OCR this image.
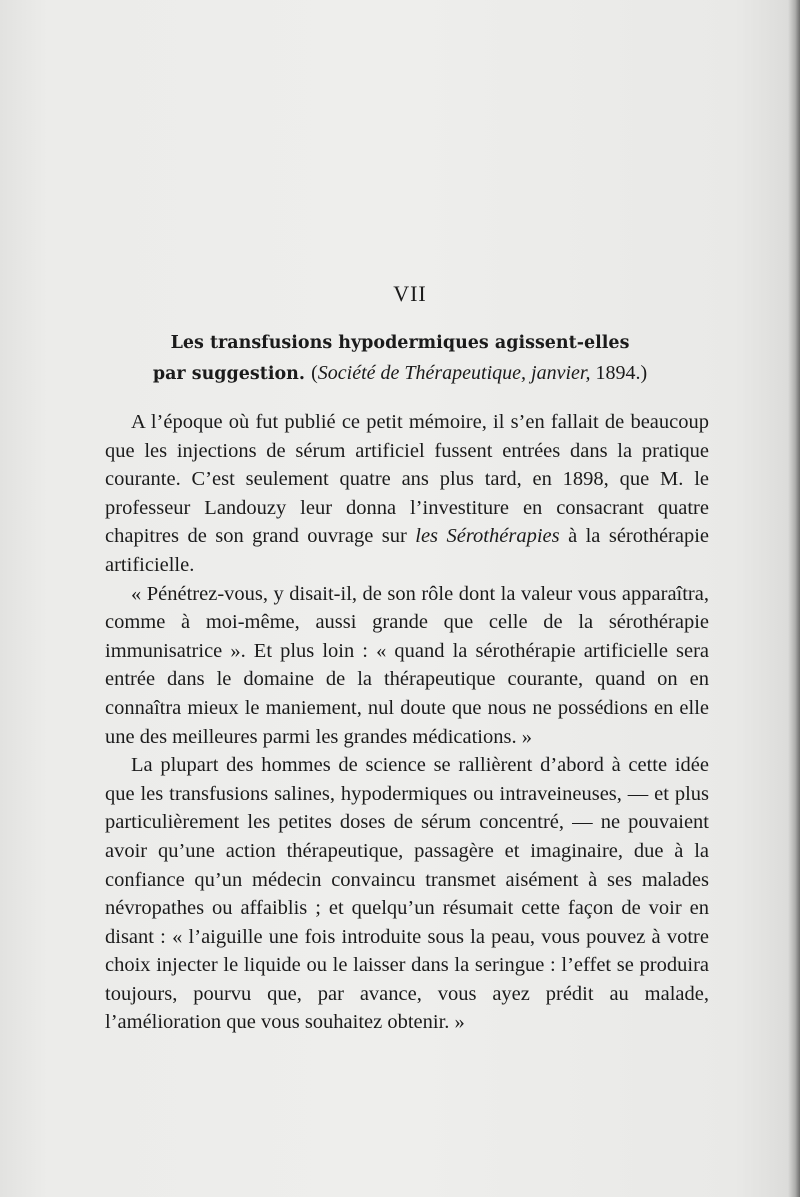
VII
Les transfusions hypodermiques agissent-elles
par suggestion. (Société de Thérapeutique, janvier, 1894.)

A l’époque où fut publié ce petit mémoire, il s’en fallait de beaucoup que les injections de sérum artificiel fussent entrées dans la pratique courante. C’est seulement quatre ans plus tard, en 1898, que M. le professeur Landouzy leur donna l’investiture en consacrant quatre chapitres de son grand ouvrage sur les Sérothérapies à la sérothérapie artificielle.

« Pénétrez-vous, y disait-il, de son rôle dont la valeur vous apparaîtra, comme à moi-même, aussi grande que celle de la sérothérapie immunisatrice ». Et plus loin : « quand la sérothérapie artificielle sera entrée dans le domaine de la thérapeutique courante, quand on en connaîtra mieux le maniement, nul doute que nous ne possédions en elle une des meilleures parmi les grandes médications. »

La plupart des hommes de science se rallièrent d’abord à cette idée que les transfusions salines, hypodermiques ou intraveineuses, — et plus particulièrement les petites doses de sérum concentré, — ne pouvaient avoir qu’une action thérapeutique, passagère et imaginaire, due à la confiance qu’un médecin convaincu transmet aisément à ses malades névropathes ou affaiblis ; et quelqu’un résumait cette façon de voir en disant : « l’aiguille une fois introduite sous la peau, vous pouvez à votre choix injecter le liquide ou le laisser dans la seringue : l’effet se produira toujours, pourvu que, par avance, vous ayez prédit au malade, l’amélioration que vous souhaitez obtenir. »
